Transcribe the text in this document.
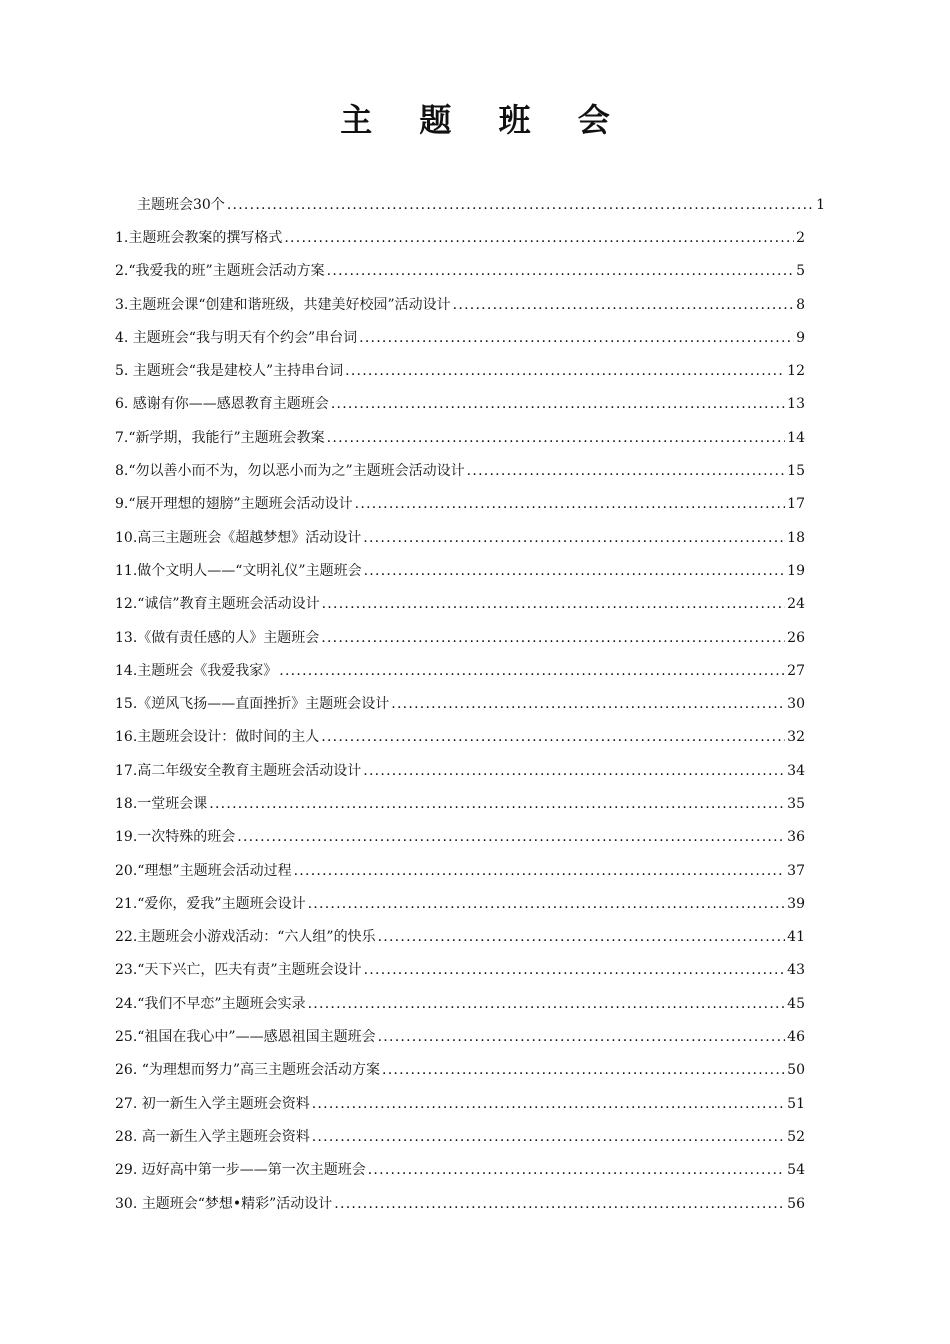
主 题 班 会
主题班会30个 . . .	1
1.主题班会教案的撰写格式 . . .	2
2.“我爱我的班”主题班会活动方案 . . .	5
3.主题班会课“创建和谐班级，共建美好校园”活动设计 . . .	8
4. 主题班会“我与明天有个约会”串台词 . . .	9
5. 主题班会“我是建校人”主持串台词 . . .	12
6. 感谢有你——感恩教育主题班会 . . .	13
7.“新学期，我能行”主题班会教案 . . .	14
8.“勿以善小而不为，勿以恶小而为之”主题班会活动设计 . . .	15
9.“展开理想的翅膀”主题班会活动设计 . . .	17
10.高三主题班会《超越梦想》活动设计 . . .	18
11.做个文明人——“文明礼仪”主题班会 . . .	19
12.“诚信”教育主题班会活动设计 . . .	24
13.《做有责任感的人》主题班会 . . .	26
14.主题班会《我爱我家》 . . .	27
15.《逆风飞扬——直面挫折》主题班会设计 . . .	30
16.主题班会设计：做时间的主人 . . .	32
17.高二年级安全教育主题班会活动设计 . . .	34
18.一堂班会课 . . .	35
19.一次特殊的班会 . . .	36
20.“理想”主题班会活动过程 . . .	37
21.“爱你，爱我”主题班会设计 . . .	39
22.主题班会小游戏活动：“六人组”的快乐 . . .	41
23.“天下兴亡，匹夫有责”主题班会设计 . . .	43
24.“我们不早恋”主题班会实录 . . .	45
25.“祖国在我心中”——感恩祖国主题班会 . . .	46
26. “为理想而努力”高三主题班会活动方案 . . .	50
27. 初一新生入学主题班会资料 . . .	51
28. 高一新生入学主题班会资料 . . .	52
29. 迈好高中第一步——第一次主题班会 . . .	54
30. 主题班会“梦想•精彩”活动设计 . . .	56
